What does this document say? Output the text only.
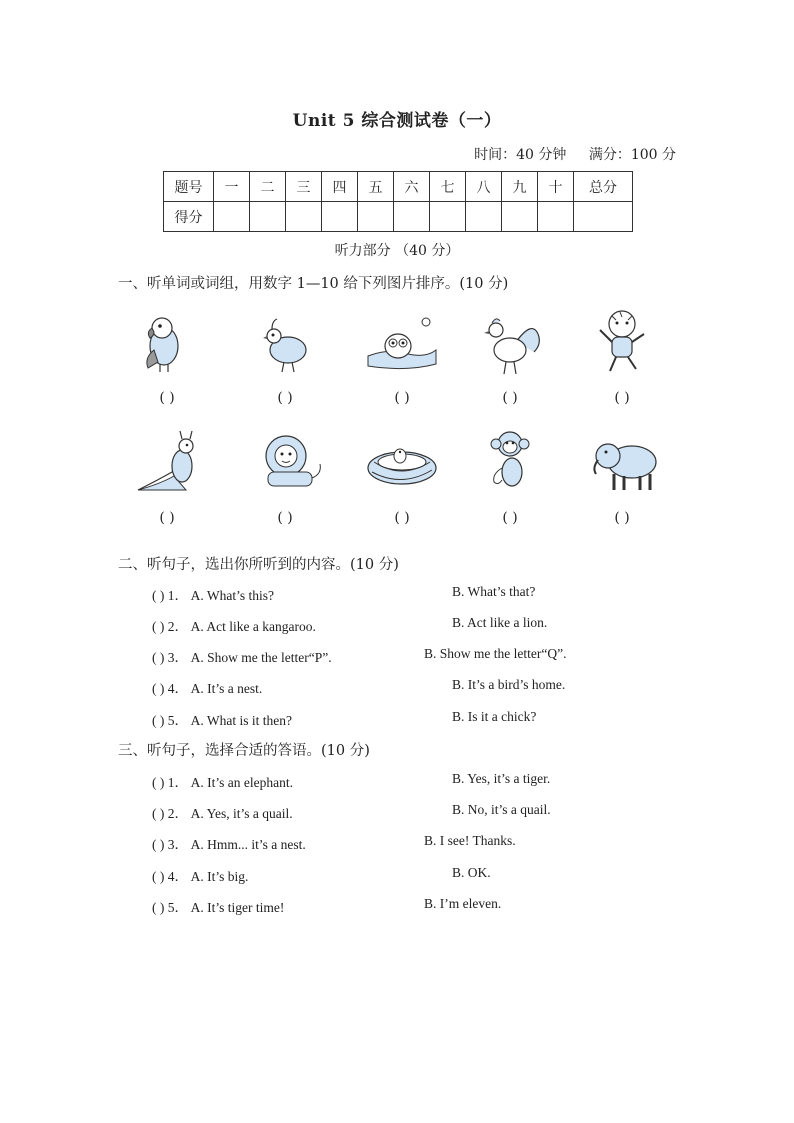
Unit 5 综合测试卷（一）
时间：40 分钟 满分：100 分
题号	一	二	三	四	五	六	七	八	九	十	总分
得分											
听力部分 （40 分）
一、听单词或词组，用数字 1—10 给下列图片排序。(10 分)
( )	( )	( )	( )	( )
( )	( )	( )	( )	( )
二、听句子，选出你所听到的内容。(10 分)
( ) 1． A. What’s this?	B. What’s that?
( ) 2． A. Act like a kangaroo.	B. Act like a lion.
( ) 3． A. Show me the letter“P”.	B. Show me the letter“Q”.
( ) 4． A. It’s a nest.	B. It’s a bird’s home.
( ) 5． A. What is it then?	B. Is it a chick?
三、听句子，选择合适的答语。(10 分)
( ) 1． A. It’s an elephant.	B. Yes, it’s a tiger.
( ) 2． A. Yes, it’s a quail.	B. No, it’s a quail.
( ) 3． A. Hmm... it’s a nest.	B. I see! Thanks.
( ) 4． A. It’s big.	B. OK.
( ) 5． A. It’s tiger time!	B. I’m eleven.
